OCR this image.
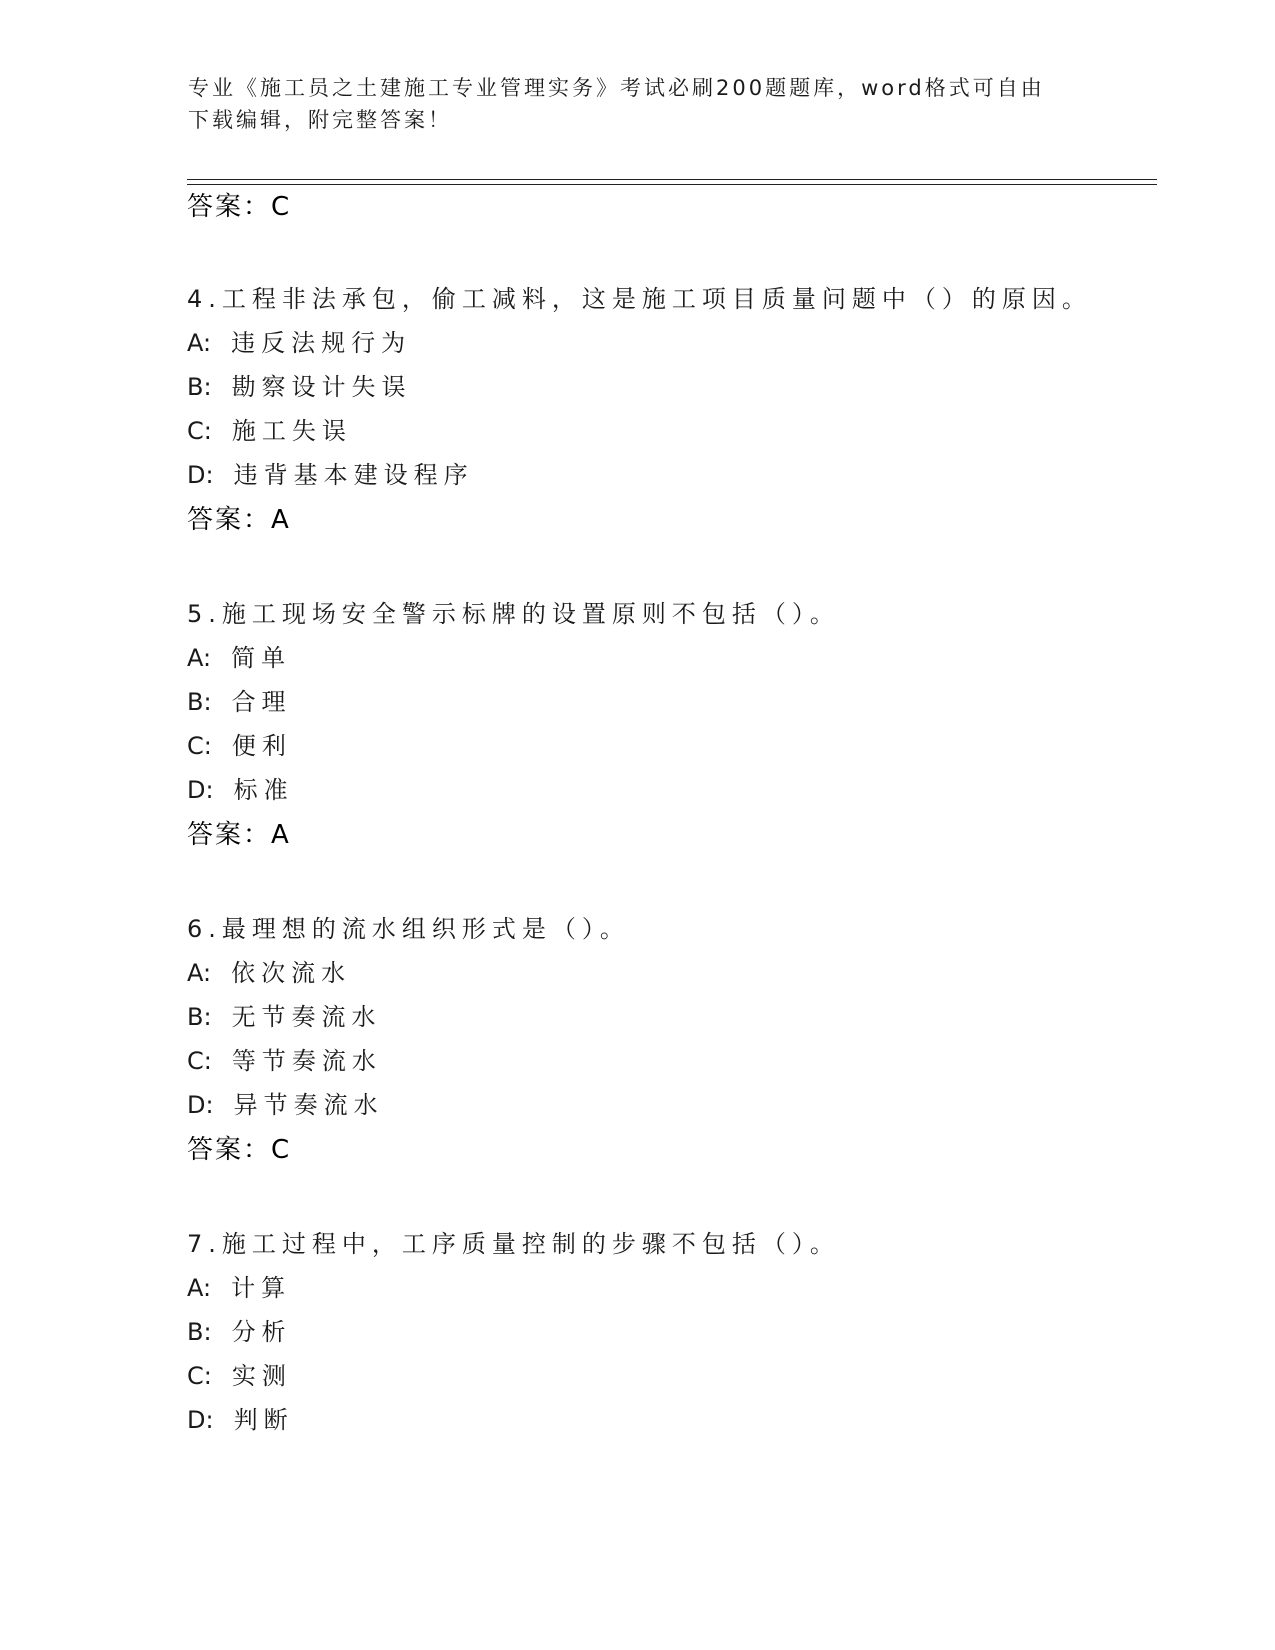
专业《施工员之土建施工专业管理实务》考试必刷200题题库，word格式可自由下载编辑，附完整答案！
答案：C
4.工程非法承包，偷工减料，这是施工项目质量问题中（）的原因。
A: 违反法规行为
B: 勘察设计失误
C: 施工失误
D: 违背基本建设程序
答案：A
5.施工现场安全警示标牌的设置原则不包括（）。
A: 简单
B: 合理
C: 便利
D: 标准
答案：A
6.最理想的流水组织形式是（）。
A: 依次流水
B: 无节奏流水
C: 等节奏流水
D: 异节奏流水
答案：C
7.施工过程中，工序质量控制的步骤不包括（）。
A: 计算
B: 分析
C: 实测
D: 判断
